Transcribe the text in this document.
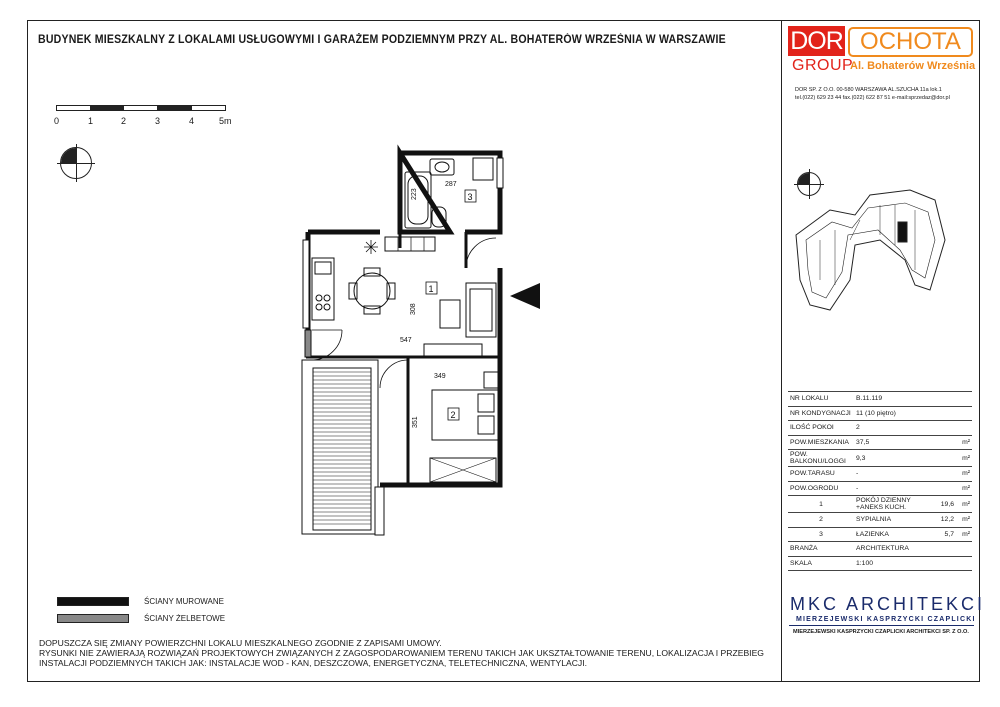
BUDYNEK MIESZKALNY Z LOKALAMI USŁUGOWYMI I GARAŻEM PODZIEMNYM PRZY AL. BOHATERÓW WRZEŚNIA W WARSZAWIE	DOR OCHOTA
GROUP
Al. Bohaterów Września
DOR SP. Z O.O. 00-580 WARSZAWA AL.SZUCHA 11a lok.1
tel.(022) 629 23 44 fax.(022) 622 87 51 e-mail:sprzedaz@dor.pl
0	1	2	3	4	5m
1
2
3
547
308
349
351
287
223
ŚCIANY MUROWANE
ŚCIANY ŻELBETOWE
DOPUSZCZA SIĘ ZMIANY POWIERZCHNI LOKALU MIESZKALNEGO ZGODNIE Z ZAPISAMI UMOWY.
RYSUNKI NIE ZAWIERAJĄ ROZWIĄZAŃ PROJEKTOWYCH ZWIĄZANYCH Z ZAGOSPODAROWANIEM TERENU TAKICH JAK UKSZTAŁTOWANIE TERENU, LOKALIZACJA I PRZEBIEG
INSTALACJI PODZIEMNYCH TAKICH JAK: INSTALACJE WOD - KAN, DESZCZOWA, ENERGETYCZNA, TELETECHNICZNA, WENTYLACJI.
NR LOKALU	B.11.119		
NR KONDYGNACJI	11 (10 piętro)		
ILOŚĆ POKOI	2		
POW.MIESZKANIA	37,5		m²
POW. BALKONU/LOGGI	9,3		m²
POW.TARASU	-		m²
POW.OGRODU	-		m²
1	POKÓJ DZIENNY +ANEKS KUCH.	19,6	m²
2	SYPIALNIA	12,2	m²
3	ŁAZIENKA	5,7	m²
BRANŻA	ARCHITEKTURA		
SKALA	1:100		
MKC ARCHITEKCI
MIERZEJEWSKI KASPRZYCKI CZAPLICKI
MIERZEJEWSKI KASPRZYCKI CZAPLICKI ARCHITEKCI SP. Z O.O.
